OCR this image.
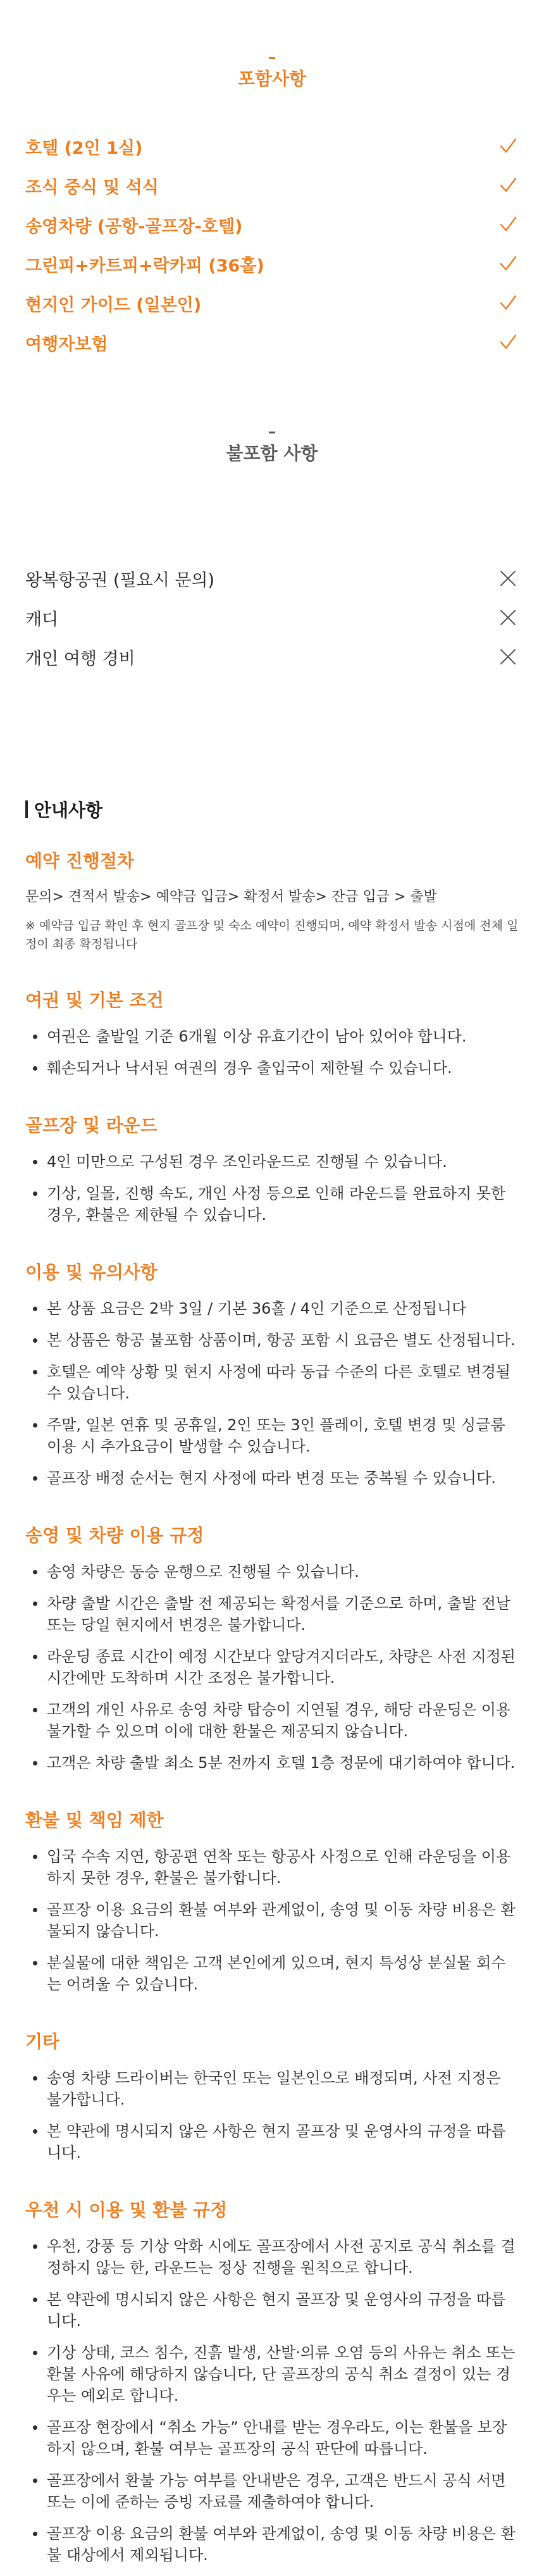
포함사항
호텔 (2인 1실)
조식 중식 및 석식
송영차량 (공항-골프장-호텔)
그린피+카트피+락카피 (36홀)
현지인 가이드 (일본인)
여행자보험
불포함 사항
왕복항공권 (필요시 문의)
캐디
개인 여행 경비
안내사항
예약 진행절차

문의> 견적서 발송> 예약금 입금> 확정서 발송> 잔금 입금 > 출발

※ 예약금 입금 확인 후 현지 골프장 및 숙소 예약이 진행되며, 예약 확정서 발송 시점에 전체 일정이 최종 확정됩니다

여권 및 기본 조건
여권은 출발일 기준 6개월 이상 유효기간이 남아 있어야 합니다.
훼손되거나 낙서된 여권의 경우 출입국이 제한될 수 있습니다.
골프장 및 라운드
4인 미만으로 구성된 경우 조인라운드로 진행될 수 있습니다.
기상, 일몰, 진행 속도, 개인 사정 등으로 인해 라운드를 완료하지 못한 경우, 환불은 제한될 수 있습니다.
이용 및 유의사항
본 상품 요금은 2박 3일 / 기본 36홀 / 4인 기준으로 산정됩니다
본 상품은 항공 불포함 상품이며, 항공 포함 시 요금은 별도 산정됩니다.
호텔은 예약 상황 및 현지 사정에 따라 동급 수준의 다른 호텔로 변경될 수 있습니다.
주말, 일본 연휴 및 공휴일, 2인 또는 3인 플레이, 호텔 변경 및 싱글룸 이용 시 추가요금이 발생할 수 있습니다.
골프장 배정 순서는 현지 사정에 따라 변경 또는 중복될 수 있습니다.
송영 및 차량 이용 규정
송영 차량은 동승 운행으로 진행될 수 있습니다.
차량 출발 시간은 출발 전 제공되는 확정서를 기준으로 하며, 출발 전날 또는 당일 현지에서 변경은 불가합니다.
라운딩 종료 시간이 예정 시간보다 앞당겨지더라도, 차량은 사전 지정된 시간에만 도착하며 시간 조정은 불가합니다.
고객의 개인 사유로 송영 차량 탑승이 지연될 경우, 해당 라운딩은 이용 불가할 수 있으며 이에 대한 환불은 제공되지 않습니다.
고객은 차량 출발 최소 5분 전까지 호텔 1층 정문에 대기하여야 합니다.
환불 및 책임 제한
입국 수속 지연, 항공편 연착 또는 항공사 사정으로 인해 라운딩을 이용하지 못한 경우, 환불은 불가합니다.
골프장 이용 요금의 환불 여부와 관계없이, 송영 및 이동 차량 비용은 환불되지 않습니다.
분실물에 대한 책임은 고객 본인에게 있으며, 현지 특성상 분실물 회수는 어려울 수 있습니다.
기타
송영 차량 드라이버는 한국인 또는 일본인으로 배정되며, 사전 지정은 불가합니다.
본 약관에 명시되지 않은 사항은 현지 골프장 및 운영사의 규정을 따릅니다.
우천 시 이용 및 환불 규정
우천, 강풍 등 기상 악화 시에도 골프장에서 사전 공지로 공식 취소를 결정하지 않는 한, 라운드는 정상 진행을 원칙으로 합니다.
본 약관에 명시되지 않은 사항은 현지 골프장 및 운영사의 규정을 따릅니다.
기상 상태, 코스 침수, 진흙 발생, 산발·의류 오염 등의 사유는 취소 또는 환불 사유에 해당하지 않습니다, 단 골프장의 공식 취소 결정이 있는 경우는 예외로 합니다.
골프장 현장에서 “취소 가능” 안내를 받는 경우라도, 이는 환불을 보장하지 않으며, 환불 여부는 골프장의 공식 판단에 따릅니다.
골프장에서 환불 가능 여부를 안내받은 경우, 고객은 반드시 공식 서면 또는 이에 준하는 증빙 자료를 제출하여야 합니다.
골프장 이용 요금의 환불 여부와 관계없이, 송영 및 이동 차량 비용은 환불 대상에서 제외됩니다.
